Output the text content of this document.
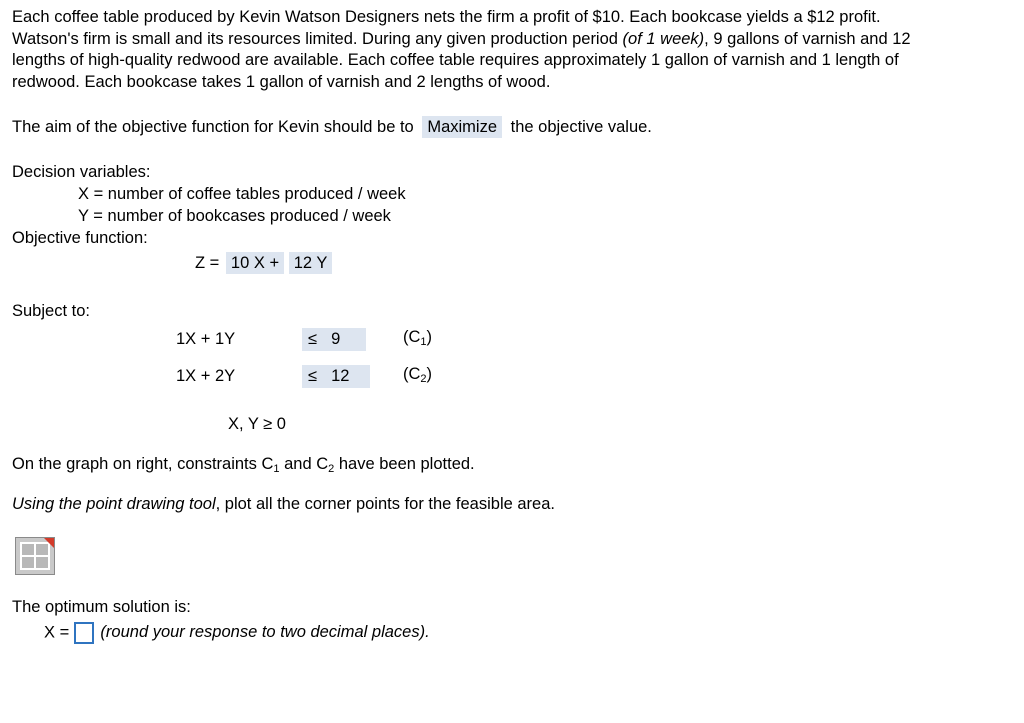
Each coffee table produced by Kevin Watson Designers nets the firm a profit of $10. Each bookcase yields a $12 profit.
Watson's firm is small and its resources limited. During any given production period (of 1 week), 9 gallons of varnish and 12
lengths of high-quality redwood are available. Each coffee table requires approximately 1 gallon of varnish and 1 length of
redwood. Each bookcase takes 1 gallon of varnish and 2 lengths of wood.
The aim of the objective function for Kevin should be to Maximize the objective value.
Decision variables:
X = number of coffee tables produced / week
Y = number of bookcases produced / week
Objective function:
Z = 10 X + 12 Y
Subject to:
1X + 1Y	≤ 9	$(C_1)$
1X + 2Y	≤ 12	$(C_2)$
X, Y ≥ 0
On the graph on right, constraints $C_1$ and $C_2$ have been plotted.
Using the point drawing tool, plot all the corner points for the feasible area.
The optimum solution is:
X = (round your response to two decimal places).
